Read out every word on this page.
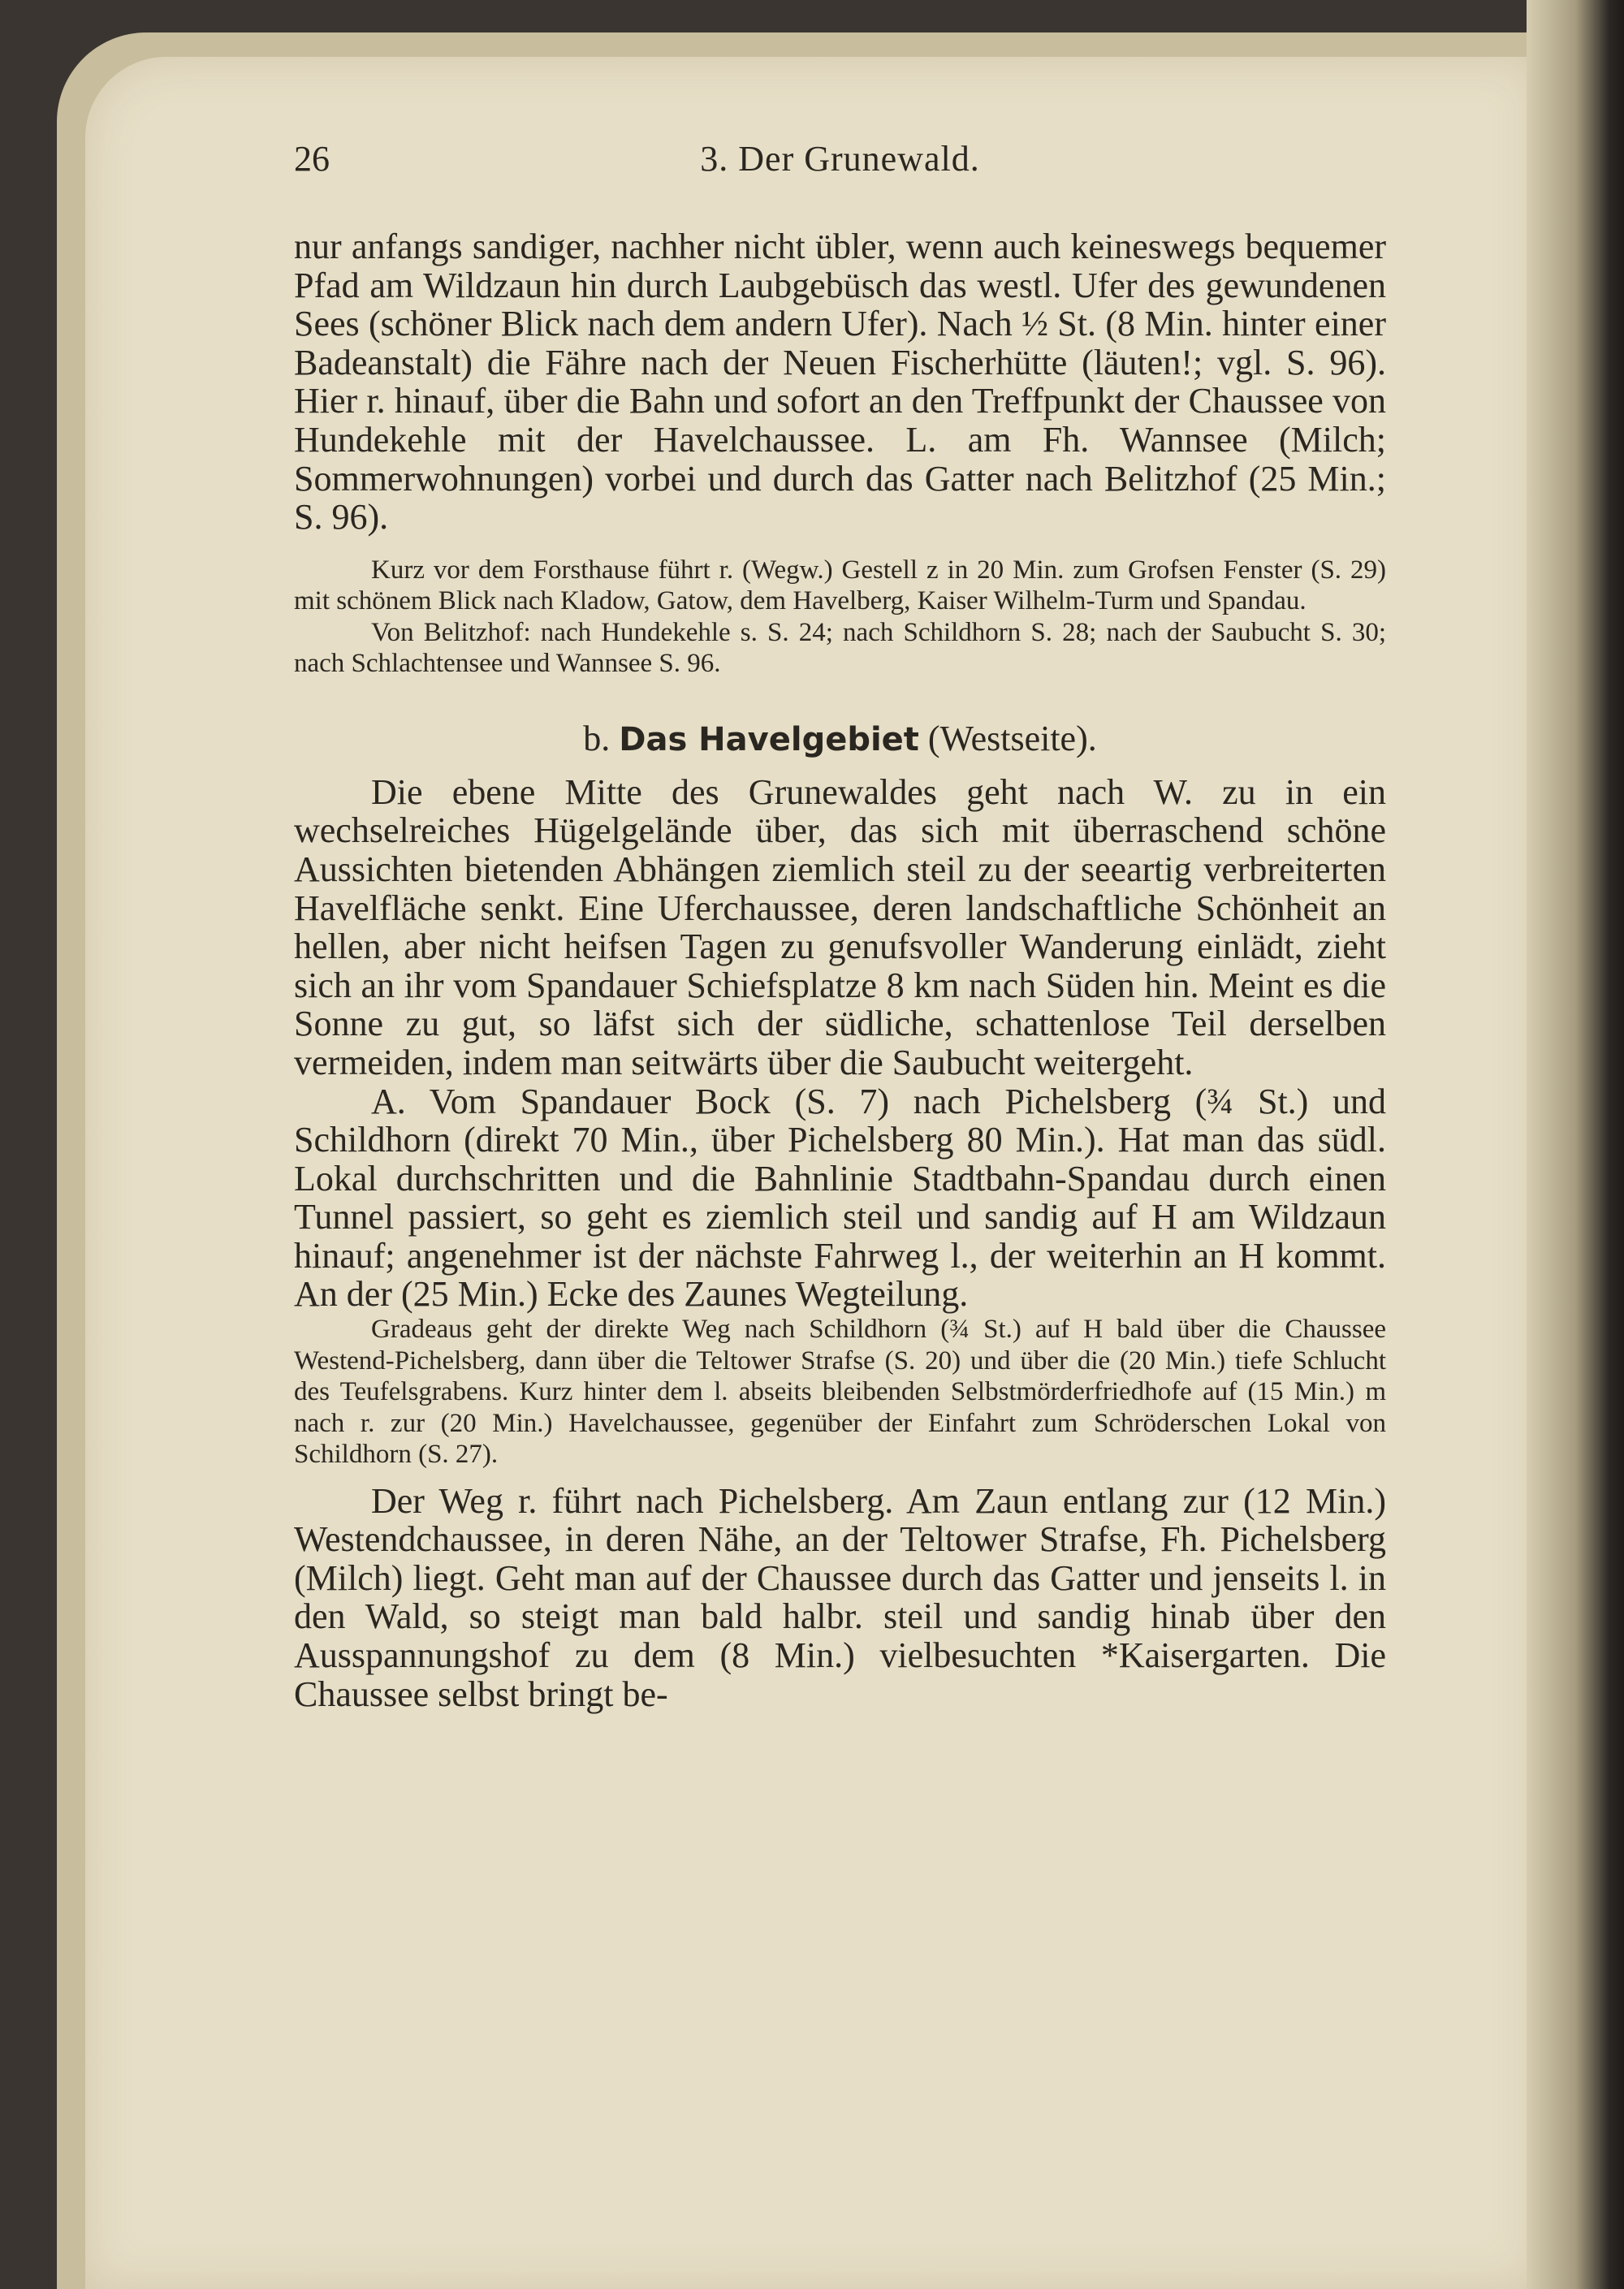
26	3. Der Grunewald.

nur anfangs sandiger, nachher nicht übler, wenn auch keineswegs bequemer Pfad am Wildzaun hin durch Laubgebüsch das westl. Ufer des gewundenen Sees (schöner Blick nach dem andern Ufer). Nach ½ St. (8 Min. hinter einer Badeanstalt) die Fähre nach der Neuen Fischerhütte (läuten!; vgl. S. 96). Hier r. hinauf, über die Bahn und sofort an den Treffpunkt der Chaussee von Hundekehle mit der Havelchaussee. L. am Fh. Wannsee (Milch; Sommerwohnungen) vorbei und durch das Gatter nach Belitzhof (25 Min.; S. 96).

Kurz vor dem Forsthause führt r. (Wegw.) Gestell z in 20 Min. zum Grofsen Fenster (S. 29) mit schönem Blick nach Kladow, Gatow, dem Havelberg, Kaiser Wilhelm-Turm und Spandau.

Von Belitzhof: nach Hundekehle s. S. 24; nach Schildhorn S. 28; nach der Saubucht S. 30; nach Schlachtensee und Wannsee S. 96.

b. Das Havelgebiet (Westseite).

Die ebene Mitte des Grunewaldes geht nach W. zu in ein wechselreiches Hügelgelände über, das sich mit überraschend schöne Aussichten bietenden Abhängen ziemlich steil zu der seeartig verbreiterten Havelfläche senkt. Eine Uferchaussee, deren landschaftliche Schönheit an hellen, aber nicht heifsen Tagen zu genufsvoller Wanderung einlädt, zieht sich an ihr vom Spandauer Schiefsplatze 8 km nach Süden hin. Meint es die Sonne zu gut, so läfst sich der südliche, schattenlose Teil derselben vermeiden, indem man seitwärts über die Saubucht weitergeht.

A. Vom Spandauer Bock (S. 7) nach Pichelsberg (¾ St.) und Schildhorn (direkt 70 Min., über Pichelsberg 80 Min.). Hat man das südl. Lokal durchschritten und die Bahnlinie Stadtbahn-Spandau durch einen Tunnel passiert, so geht es ziemlich steil und sandig auf H am Wildzaun hinauf; angenehmer ist der nächste Fahrweg l., der weiterhin an H kommt. An der (25 Min.) Ecke des Zaunes Wegteilung.

Gradeaus geht der direkte Weg nach Schildhorn (¾ St.) auf H bald über die Chaussee Westend-Pichelsberg, dann über die Teltower Strafse (S. 20) und über die (20 Min.) tiefe Schlucht des Teufelsgrabens. Kurz hinter dem l. abseits bleibenden Selbstmörderfriedhofe auf (15 Min.) m nach r. zur (20 Min.) Havelchaussee, gegenüber der Einfahrt zum Schröderschen Lokal von Schildhorn (S. 27).

Der Weg r. führt nach Pichelsberg. Am Zaun entlang zur (12 Min.) Westendchaussee, in deren Nähe, an der Teltower Strafse, Fh. Pichelsberg (Milch) liegt. Geht man auf der Chaussee durch das Gatter und jenseits l. in den Wald, so steigt man bald halbr. steil und sandig hinab über den Ausspannungshof zu dem (8 Min.) vielbesuchten *Kaisergarten. Die Chaussee selbst bringt be-
